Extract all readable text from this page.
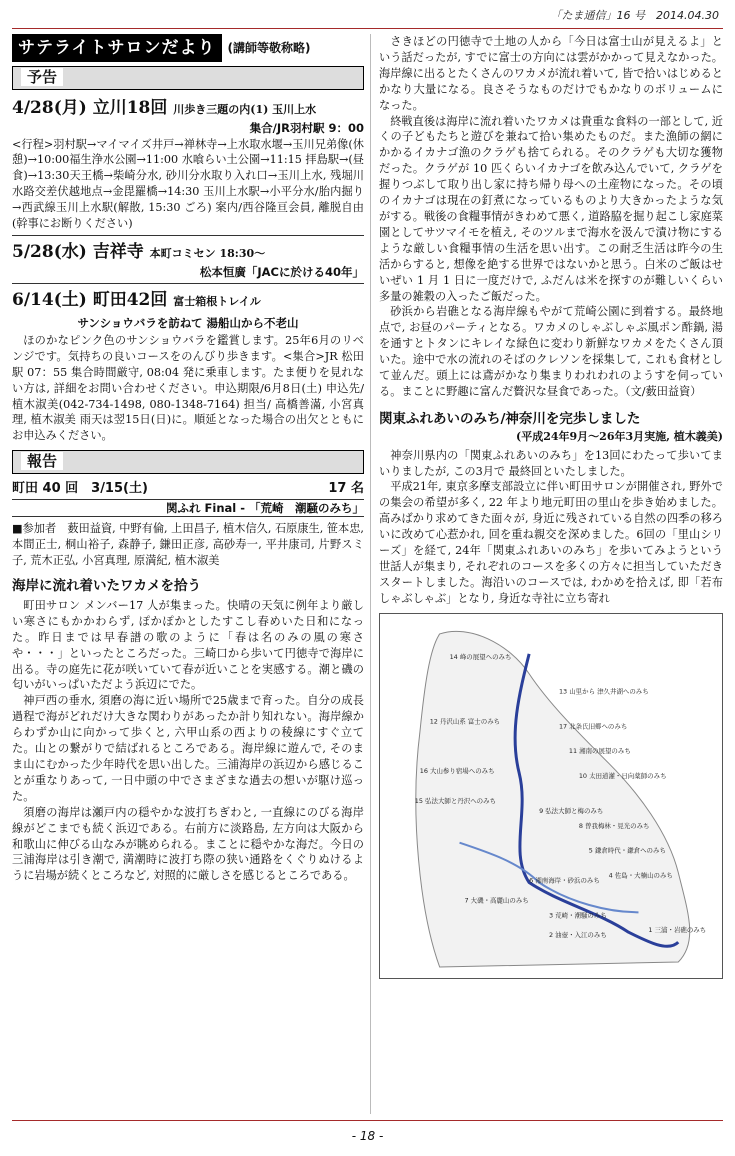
「たま通信」16 号　2014.04.30
サテライトサロンだより	(講師等敬称略)
予告
4/28(月) 立川18回 川歩き三題の内(1) 玉川上水
集合/JR羽村駅 9：00

<行程>羽村駅→マイマイズ井戸→禅林寺→上水取水堰→玉川兄弟像(休憩)→10:00福生浄水公園→11:00 水喰らい土公園→11:15 拝島駅→(昼食)→13:30天王橋→柴崎分水, 砂川分水取り入れ口→玉川上水, 残堀川水路交差伏越地点→金毘羅橋→14:30 玉川上水駅→小平分水/胎内掘り→西武線玉川上水駅(解散, 15:30 ごろ) 案内/西谷隆亘会員, 離脱自由(幹事にお断りください)

5/28(水) 吉祥寺 本町コミセン 18:30～
松本恒廣「JACに於ける40年」
6/14(土) 町田42回 富士箱根トレイル
サンショウバラを訪ねて 湯船山から不老山

ほのかなピンク色のサンショウバラを鑑賞します。25年6月のリベンジです。気持ちの良いコースをのんびり歩きます。<集合>JR 松田駅 07：55 集合時間厳守, 08:04 発に乗車します。たま便りを見れない方は, 詳細をお問い合わせください。申込期限/6月8日(土) 申込先/植木淑美(042-734-1498, 080-1348-7164) 担当/ 高橋善滿, 小宮真理, 植木淑美 雨天は翌15日(日)に。順延となった場合の出欠とともにお申込みください。

報告
町田 40 回　3/15(土)	17 名
関ふれ Final - 「荒崎　潮騒のみち」

■参加者　薮田益資, 中野有倫, 上田昌子, 植木信久, 石原康生, 笹本忠, 本間正士, 桐山裕子, 森静子, 鎌田正彦, 高砂寿一, 平井康司, 片野スミ子, 荒木正弘, 小宮真理, 原満紀, 植木淑美

海岸に流れ着いたワカメを拾う

町田サロン メンバー17 人が集まった。快晴の天気に例年より厳しい寒さにもかかわらず, ぽかぽかとしたすこし春めいた日和になった。昨日までは早春譜の歌のように「春は名のみの風の寒さや・・・」といったところだった。三崎口から歩いて円徳寺で海岸に出る。寺の庭先に花が咲いていて春が近いことを実感する。潮と磯の匂いがいっぱいただよう浜辺にでた。

神戸西の垂水, 須磨の海に近い場所で25歳まで育った。自分の成長過程で海がどれだけ大きな関わりがあったか計り知れない。海岸線からわずか山に向かって歩くと, 六甲山系の西よりの稜線にすぐ立てた。山との繋がりで結ばれるところである。海岸線に遊んで, そのまま山にむかった少年時代を思い出した。三浦海岸の浜辺から感じることが重なりあって, 一日中頭の中でさまざまな過去の想いが駆け巡った。

須磨の海岸は瀬戸内の穏やかな波打ちぎわと, 一直線にのびる海岸線がどこまでも続く浜辺である。右前方に淡路島, 左方向は大阪から和歌山に伸びる山なみが眺められる。まことに穏やかな海だ。今日の三浦海岸は引き潮で, 満潮時に波打ち際の狭い通路をくぐりぬけるように岩場が続くところなど, 対照的に厳しさを感じるところである。

さきほどの円徳寺で土地の人から「今日は富士山が見えるよ」という話だったが, すでに富士の方向には雲がかかって見えなかった。海岸線に出るとたくさんのワカメが流れ着いて, 皆で拾いはじめるとかなり大量になる。良さそうなものだけでもかなりのボリュームになった。

終戦直後は海岸に流れ着いたワカメは貴重な食料の一部として, 近くの子どもたちと遊びを兼ねて拾い集めたものだ。また漁師の網にかかるイカナゴ漁のクラゲも捨てられる。そのクラゲも大切な獲物だった。クラゲが 10 匹くらいイカナゴを飲み込んでいて, クラゲを握りつぶして取り出し家に持ち帰り母への土産物になった。その頃のイカナゴは現在の釘煮になっているものより大きかったような気がする。戦後の食糧事情がきわめて悪く, 道路脇を掘り起こし家庭菜園としてサツマイモを植え, そのツルまで海水を汲んで漬け物にするような厳しい食糧事情の生活を思い出す。この耐乏生活は昨今の生活からすると, 想像を絶する世界ではないかと思う。白米のご飯はせいぜい 1 月 1 日に一度だけで, ふだんは米を探すのが難しいくらい多量の雑穀の入ったご飯だった。

砂浜から岩礁となる海岸線もやがて荒崎公園に到着する。最終地点で, お昼のパーティとなる。ワカメのしゃぶしゃぶ風ポン酢鍋, 湯を通すとトタンにキレイな緑色に変わり新鮮なワカメをたくさん頂いた。途中で水の流れのそばのクレソンを採集して, これも食材として並んだ。頭上には鳶がかなり集まりわれわれのようすを伺っている。まことに野趣に富んだ贅沢な昼食であった。（文/薮田益資）

関東ふれあいのみち/神奈川を完歩しました
(平成24年9月～26年3月実施, 植木義美)

神奈川県内の「関東ふれあいのみち」を13回にわたって歩いてまいりましたが, この3月で 最終回といたしました。

平成21年, 東京多摩支部設立に伴い町田サロンが開催され, 野外での集会の希望が多く, 22 年より地元町田の里山を歩き始めました。高みばかり求めてきた面々が, 身近に残されている自然の四季の移ろいに改めて心惹かれ, 回を重ね親交を深めました。6回の「里山シリーズ」を経て, 24年「関東ふれあいのみち」を歩いてみようという世話人が集まり, それぞれのコースを多くの方々に担当していただきスタートしました。海沿いのコースでは, わかめを拾えば, 即「若布しゃぶしゃぶ」となり, 身近な寺社に立ち寄れ

14 峰の展望へのみち
13 山里から 津久井湖へのみち
12 丹沢山系 富士のみち
17 北条氏旧郷へのみち
11 湘南の展望のみち
16 大山参り宿場へのみち
10 太田道灌・日向薬師のみち
15 弘法大師と丹沢へのみち
9 弘法大師と梅のみち
8 曽我梅林・見光のみち
7 大磯・高麗山のみち
6 湘南海岸・砂浜のみち
5 鎌倉時代・鎌倉へのみち
4 佐島・大楠山のみち
3 荒崎・潮騒のみち
2 油壺・入江のみち
1 三浦・岩礁のみち
- 18 -
